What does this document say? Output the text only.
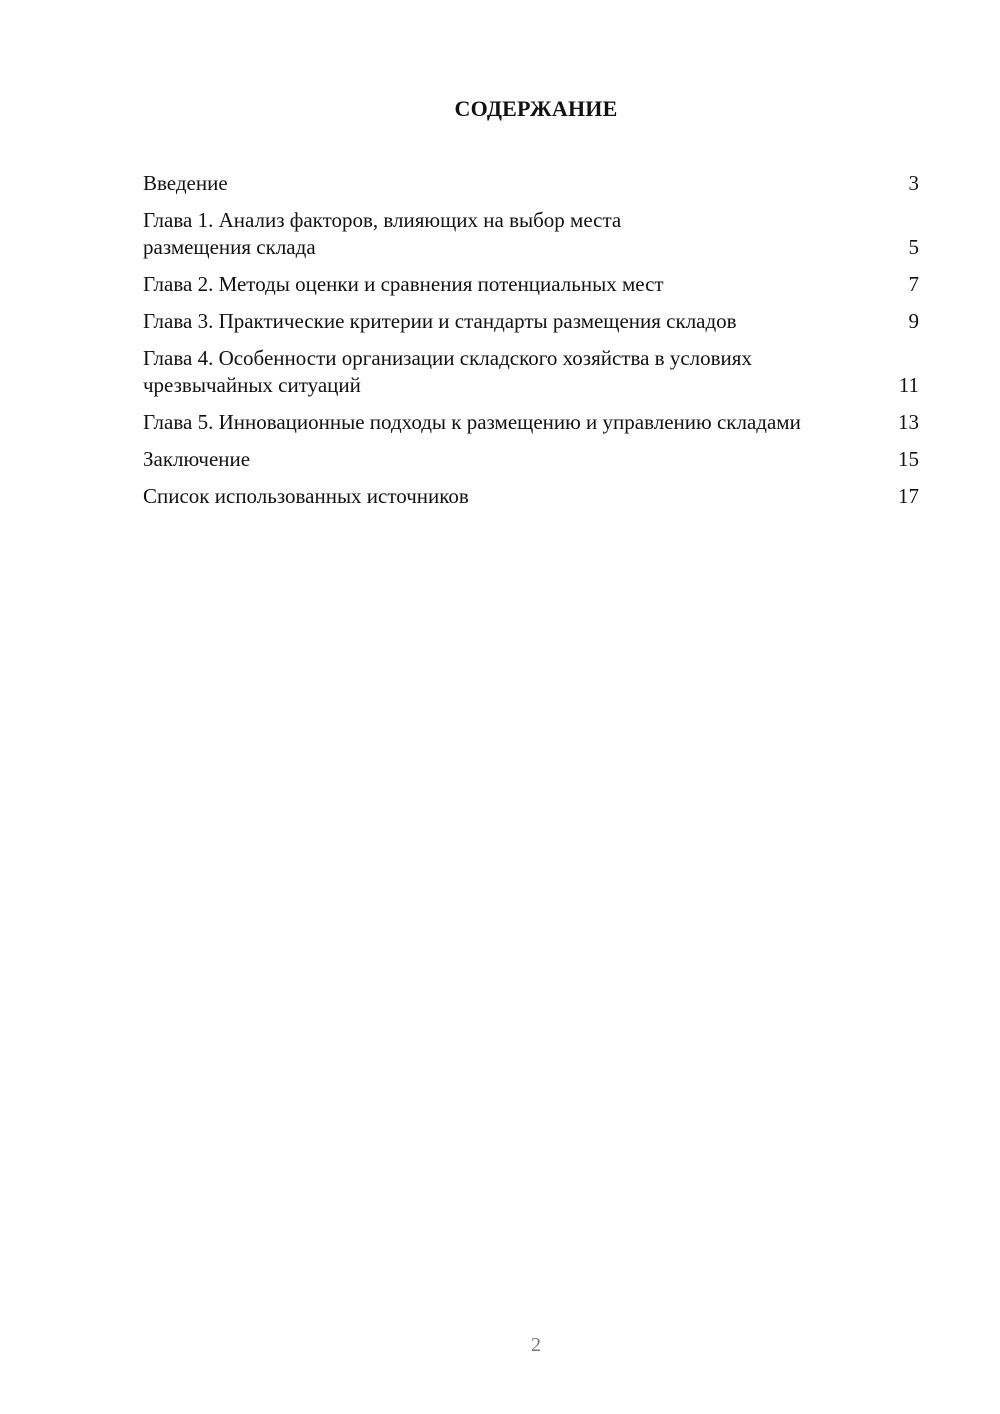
СОДЕРЖАНИЕ
Введение	3
Глава 1. Анализ факторов, влияющих на выбор места размещения склада	5
Глава 2. Методы оценки и сравнения потенциальных мест	7
Глава 3. Практические критерии и стандарты размещения складов	9
Глава 4. Особенности организации складского хозяйства в условиях чрезвычайных ситуаций	11
Глава 5. Инновационные подходы к размещению и управлению складами	13
Заключение	15
Список использованных источников	17
2
